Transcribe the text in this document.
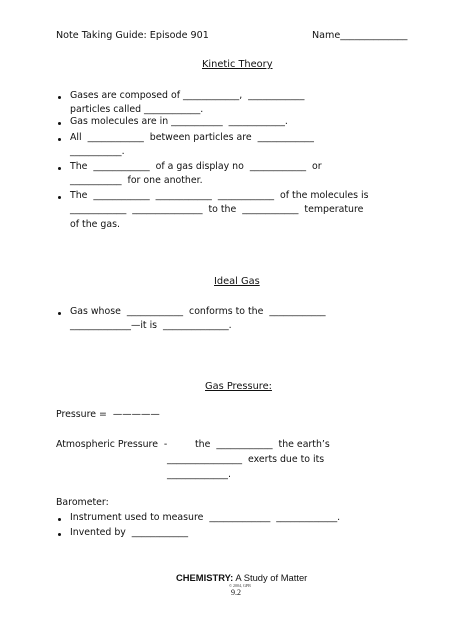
Note Taking Guide: Episode 901	Name______________
Kinetic Theory
Gases are composed of ____________,  ____________
particles called ____________.
Gas molecules are in ___________  ____________.
All  ____________  between particles are  ____________
___________.
The  ____________  of a gas display no  ____________  or
___________  for one another.
The  ____________  ____________  ____________  of the molecules is
____________  _______________  to the  ____________  temperature
of the gas.
Ideal Gas
Gas whose  ____________  conforms to the  ____________
_____________—it is  ______________.
Gas Pressure:
Pressure =  —————
Atmospheric Pressure  -	the  ____________  the earth’s
________________  exerts due to its
_____________.
Barometer:
Instrument used to measure  _____________  _____________.
Invented by  ____________
CHEMISTRY: A Study of Matter
© 2004, GPB
9.2
